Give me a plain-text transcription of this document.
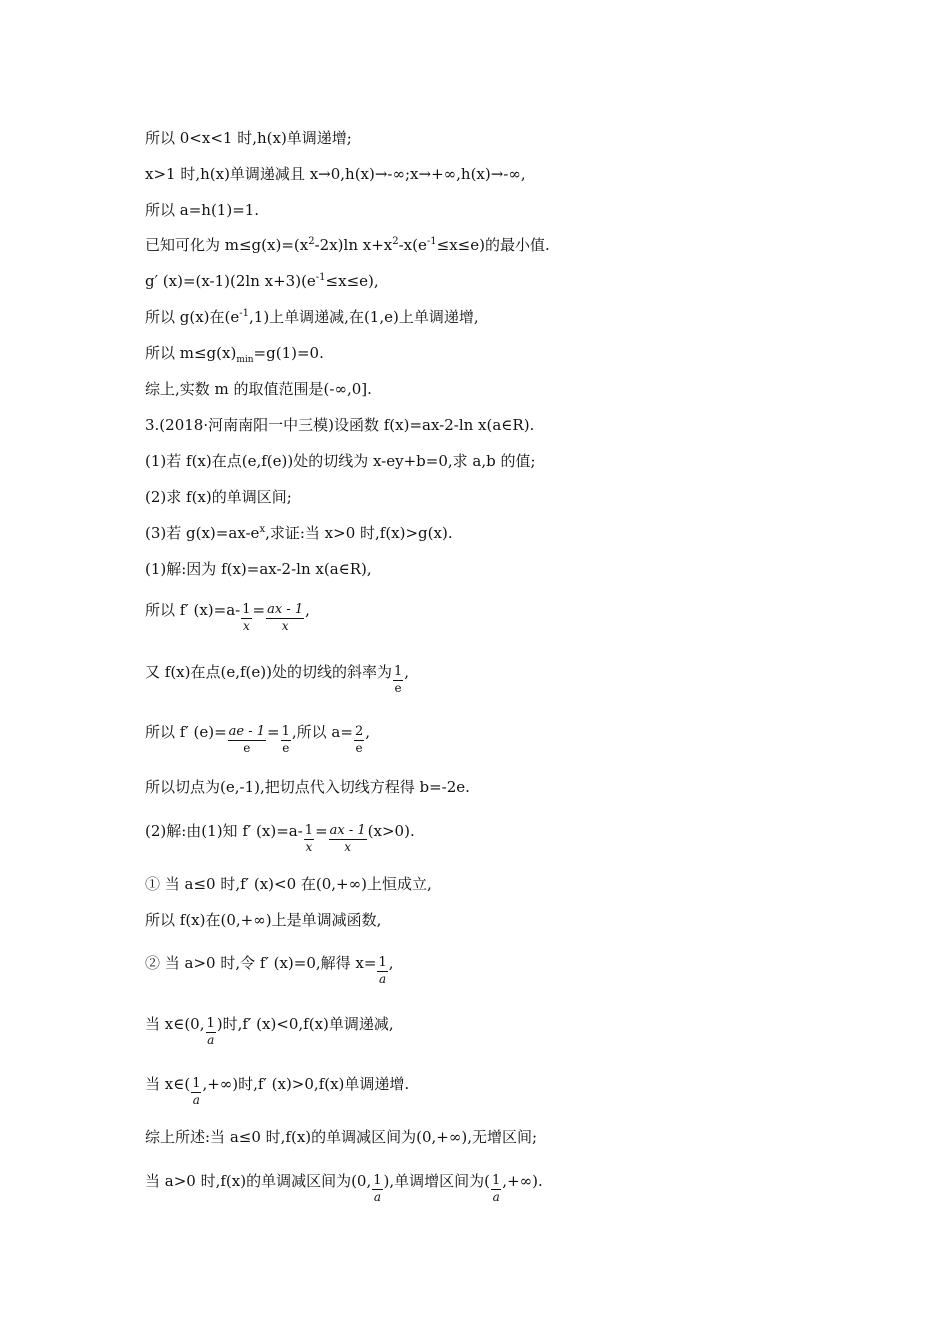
所以 0<x<1 时,h(x)单调递增;
x>1 时,h(x)单调递减且 x→0,h(x)→-∞;x→+∞,h(x)→-∞,
所以 a=h(1)=1.
已知可化为 $m\le g(x)=(x^2-2x)\ln$ $x+x^2-x(e^{-1}\le x\le e)$的最小值.
g′ (x)=(x-1)(2ln $x+3)(e^{-1}\le x\le e)$,
所以 g(x)在$(e^{-1},1)$上单调递减,在(1,e)上单调递增,
所以 $m\le g(x)_{min}=g(1)=0$.
综上,实数 m 的取值范围是(-∞,0].
3.(2018·河南南阳一中三模)设函数 f(x)=ax-2-ln x(a∈R).
(1)若 f(x)在点(e,f(e))处的切线为 x-ey+b=0,求 a,b 的值;
(2)求 f(x)的单调区间;
(3)若 $g(x)=ax-e^x$,求证:当 x>0 时,f(x)>g(x).
(1)解:因为 f(x)=ax-2-ln x(a∈R),
所以 f′ $(x)=a- \frac{1}{x} = \frac{ax - 1}{x}$ ,
又 f(x)在点(e,f(e))处的切线的斜率为 $\frac{1}{e}$ ,
所以 f′ $(e)= \frac{ae - 1}{e} = \frac{1}{e}$ ,所以 $a= \frac{2}{e}$ ,
所以切点为(e,-1),把切点代入切线方程得 b=-2e.
(2)解:由(1)知 f′ $(x)=a- \frac{1}{x} = \frac{ax - 1}{x} (x>0)$.
① 当 a≤0 时,f′ (x)<0 在(0,+∞)上恒成立,
所以 f(x)在(0,+∞)上是单调减函数,
② 当 a>0 时,令 f′ (x)=0,解得 $x= \frac{1}{a}$ ,
当 x∈(0, $\frac{1}{a}$ )时,f′ (x)<0,f(x)单调递减,
当 x∈( $\frac{1}{a}$ ,+∞)时,f′ (x)>0,f(x)单调递增.
综上所述:当 a≤0 时,f(x)的单调减区间为(0,+∞),无增区间;
当 a>0 时,f(x)的单调减区间为(0, $\frac{1}{a}$ ),单调增区间为( $\frac{1}{a}$ ,+∞).
